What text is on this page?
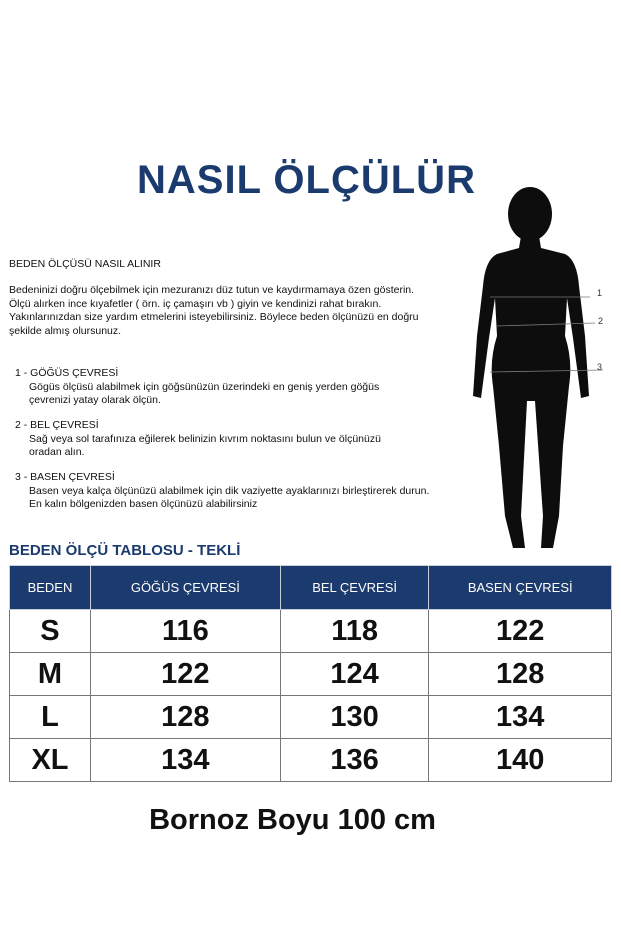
NASIL ÖLÇÜLÜR
BEDEN ÖLÇÜSÜ NASIL ALINIR
Bedeninizi doğru ölçebilmek için mezuranızı düz tutun ve kaydırmamaya özen gösterin.
Ölçü alırken ince kıyafetler ( örn. iç çamaşırı vb ) giyin ve kendinizi rahat bırakın.
Yakınlarınızdan size yardım etmelerini isteyebilirsiniz. Böylece beden ölçünüzü en doğru
şekilde almış olursunuz.
1 - GÖĞÜS ÇEVRESİ
Gögüs ölçüsü alabilmek için göğsünüzün üzerindeki en geniş yerden göğüs
çevrenizi yatay olarak ölçün.
2 - BEL ÇEVRESİ
Sağ veya sol tarafınıza eğilerek belinizin kıvrım noktasını bulun ve ölçünüzü
oradan alın.
3 - BASEN ÇEVRESİ
Basen veya kalça ölçünüzü alabilmek için dik vaziyette ayaklarınızı birleştirerek durun.
En kalın bölgenizden basen ölçünüzü alabilirsiniz
1
2
3
BEDEN ÖLÇÜ TABLOSU - TEKLİ
BEDEN	GÖĞÜS ÇEVRESİ	BEL ÇEVRESİ	BASEN ÇEVRESİ
S	116	118	122
M	122	124	128
L	128	130	134
XL	134	136	140
Bornoz Boyu 100 cm
